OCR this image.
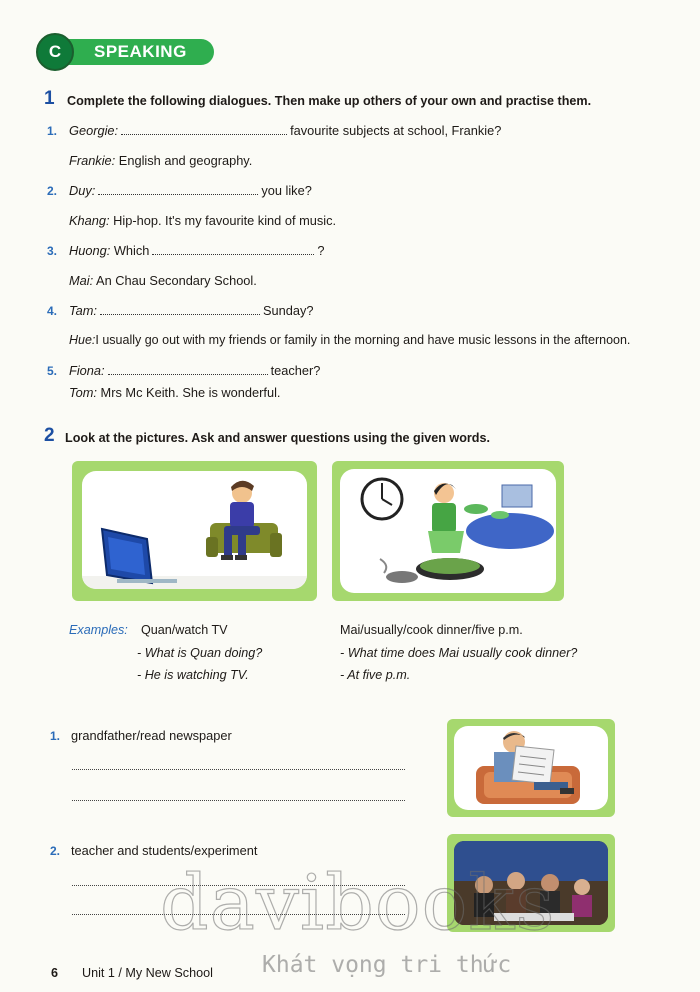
C	SPEAKING
1 Complete the following dialogues. Then make up others of your own and practise them.
1. Georgie:	favourite subjects at school, Frankie?
Frankie: English and geography.
2. Duy:	you like?
Khang: Hip-hop. It's my favourite kind of music.
3. Huong: Which	?
Mai: An Chau Secondary School.
4. Tam:	Sunday?
Hue:I usually go out with my friends or family in the morning and have music lessons in the afternoon.
5. Fiona:	teacher?
Tom: Mrs Mc Keith. She is wonderful.
2 Look at the pictures. Ask and answer questions using the given words.
Examples: Quan/watch TV
- What is Quan doing?
- He is watching TV.
Mai/usually/cook dinner/five p.m.
- What time does Mai usually cook dinner?
- At five p.m.
1. grandfather/read newspaper
2. teacher and students/experiment
6 Unit 1 / My New School
davibooks
Khát vọng tri thức
